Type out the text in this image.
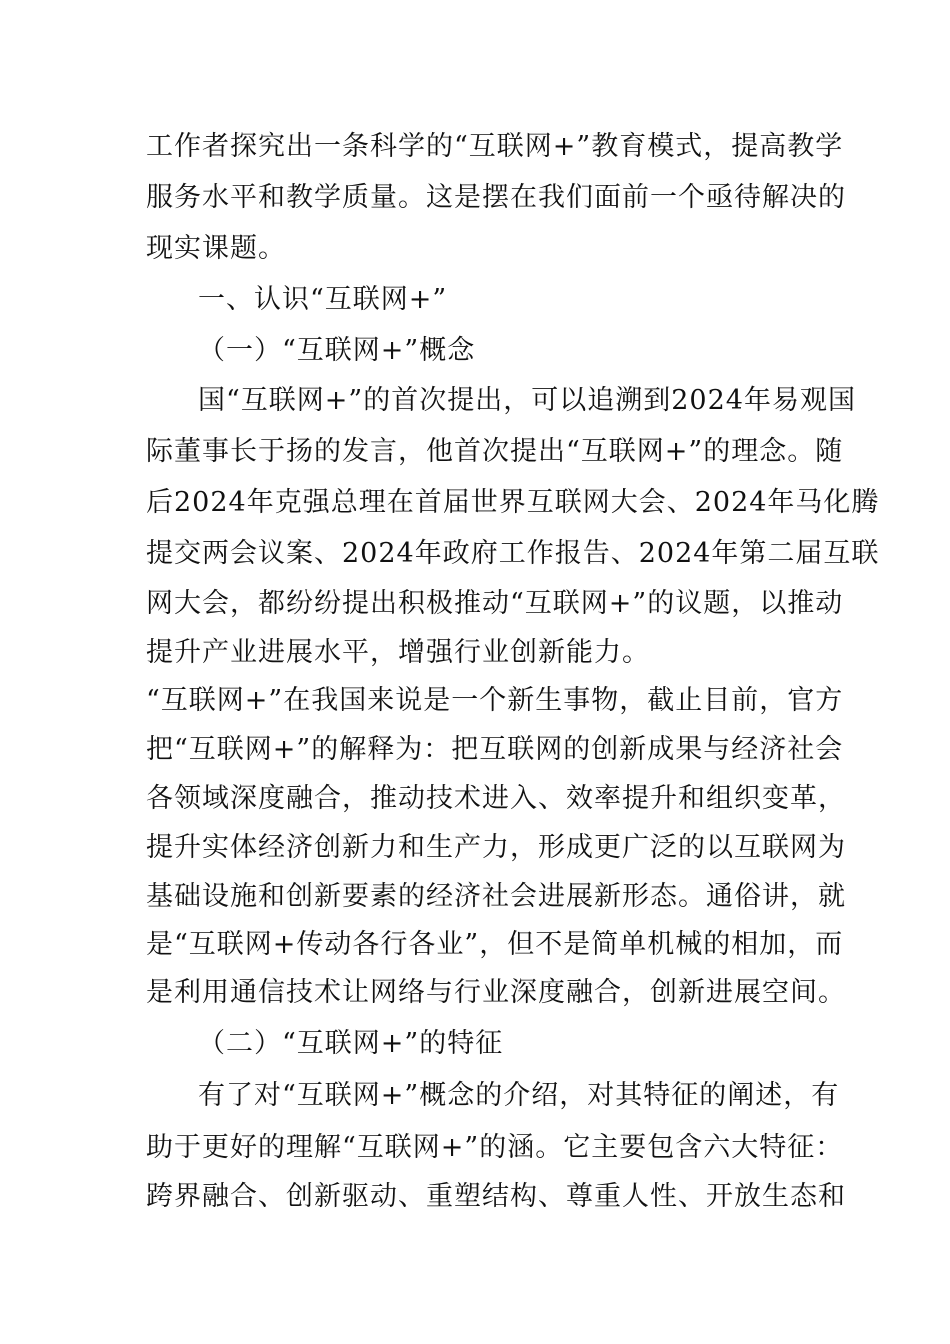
工作者探究出一条科学的“互联网+”教育模式，提高教学
服务水平和教学质量。这是摆在我们面前一个亟待解决的
现实课题。
一、认识“互联网+”
（一）“互联网+”概念
国“互联网+”的首次提出，可以追溯到2024年易观国
际董事长于扬的发言，他首次提出“互联网+”的理念。随
后2024年克强总理在首届世界互联网大会、2024年马化腾
提交两会议案、2024年政府工作报告、2024年第二届互联
网大会，都纷纷提出积极推动“互联网+”的议题，以推动
提升产业进展水平，增强行业创新能力。
“互联网+”在我国来说是一个新生事物，截止目前，官方
把“互联网+”的解释为：把互联网的创新成果与经济社会
各领域深度融合，推动技术进入、效率提升和组织变革，
提升实体经济创新力和生产力，形成更广泛的以互联网为
基础设施和创新要素的经济社会进展新形态。通俗讲，就
是“互联网+传动各行各业”，但不是简单机械的相加，而
是利用通信技术让网络与行业深度融合，创新进展空间。
（二）“互联网+”的特征
有了对“互联网+”概念的介绍，对其特征的阐述，有
助于更好的理解“互联网+”的涵。它主要包含六大特征：
跨界融合、创新驱动、重塑结构、尊重人性、开放生态和
